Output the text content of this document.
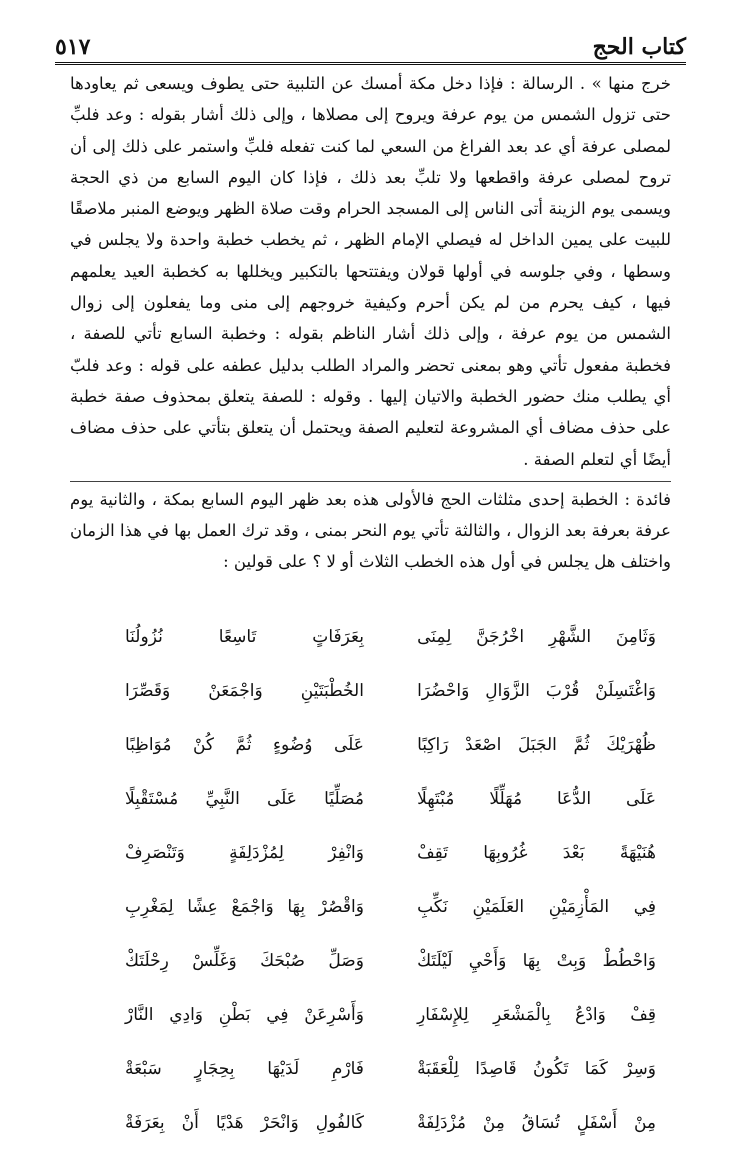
كتاب الحج
٥١٧

خرج منها » . الرسالة : فإذا دخل مكة أمسك عن التلبية حتى يطوف ويسعى ثم يعاودها حتى تزول الشمس من يوم عرفة ويروح إلى مصلاها ، وإلى ذلك أشار بقوله : وعد فلبِّ لمصلى عرفة أي عد بعد الفراغ من السعي لما كنت تفعله فلبِّ واستمر على ذلك إلى أن تروح لمصلى عرفة واقطعها ولا تلبِّ بعد ذلك ، فإذا كان اليوم السابع من ذي الحجة ويسمى يوم الزينة أتى الناس إلى المسجد الحرام وقت صلاة الظهر ويوضع المنبر ملاصقًا للبيت على يمين الداخل له فيصلي الإمام الظهر ، ثم يخطب خطبة واحدة ولا يجلس في وسطها ، وفي جلوسه في أولها قولان ويفتتحها بالتكبير ويخللها به كخطبة العيد يعلمهم فيها ، كيف يحرم من لم يكن أحرم وكيفية خروجهم إلى منى وما يفعلون إلى زوال الشمس من يوم عرفة ، وإلى ذلك أشار الناظم بقوله : وخطبة السابع تأتي للصفة ، فخطبة مفعول تأتي وهو بمعنى تحضر والمراد الطلب بدليل عطفه على قوله : وعد فلبّ أي يطلب منك حضور الخطبة والاتيان إليها . وقوله : للصفة يتعلق بمحذوف صفة خطبة على حذف مضاف أي المشروعة لتعليم الصفة ويحتمل أن يتعلق بتأتي على حذف مضاف أيضًا أي لتعلم الصفة .

فائدة : الخطبة إحدى مثلثات الحج فالأولى هذه بعد ظهر اليوم السابع بمكة ، والثانية يوم عرفة بعرفة بعد الزوال ، والثالثة تأتي يوم النحر بمنى ، وقد ترك العمل بها في هذا الزمان واختلف هل يجلس في أول هذه الخطب الثلاث أو لا ؟ على قولين :

وَثَامِنَ الشَّهْرِ اخْرُجَنَّ لِمِنَى
بِعَرَفَاتٍ تَاسِعًا نُزُولُنَا
وَاغْتَسِلَنْ قُرْبَ الزَّوَالِ وَاحْضُرَا
الخُطْبَتَيْنِ وَاجْمَعَنْ وَقَصِّرَا
ظُهْرَيْكَ ثُمَّ الجَبَلَ اصْعَدْ رَاكِبًا
عَلَى وُضُوءٍ ثُمَّ كُنْ مُوَاظِبًا
عَلَى الدُّعَا مُهَلِّلًا مُبْتَهِلًا
مُصَلِّيًا عَلَى النَّبِيِّ مُسْتَقْبِلًا
هُنَيْهَةً بَعْدَ غُرُوبِهَا تَقِفْ
وَانْفِرْ لِمُزْدَلِفَةٍ وَتَنْصَرِفْ
فِي المَأْزِمَيْنِ العَلَمَيْنِ نَكِّبِ
وَاقْصُرْ بِهَا وَاجْمَعْ عِشًا لِمَغْرِبِ
وَاحْطُطْ وَبِتْ بِهَا وَأَحْيِ لَيْلَتَكْ
وَصَلِّ صُبْحَكَ وَغَلِّسْ رِحْلَتَكْ
قِفْ وَادْعُ بِالْمَشْعَرِ لِلإِسْفَارِ
وَأَسْرِعَنْ فِي بَطْنِ وَادِي النَّارْ
وَسِرْ كَمَا تَكُونُ قَاصِدًا لِلْعَقَبَةْ
فَارْمِ لَدَيْهَا بِحِجَارٍ سَبْعَةْ
مِنْ أَسْفَلٍ تُسَاقُ مِنْ مُزْدَلِفَةْ
كَالفُولِ وَانْحَرْ هَدْيًا أَنْ بِعَرَفَةْ
